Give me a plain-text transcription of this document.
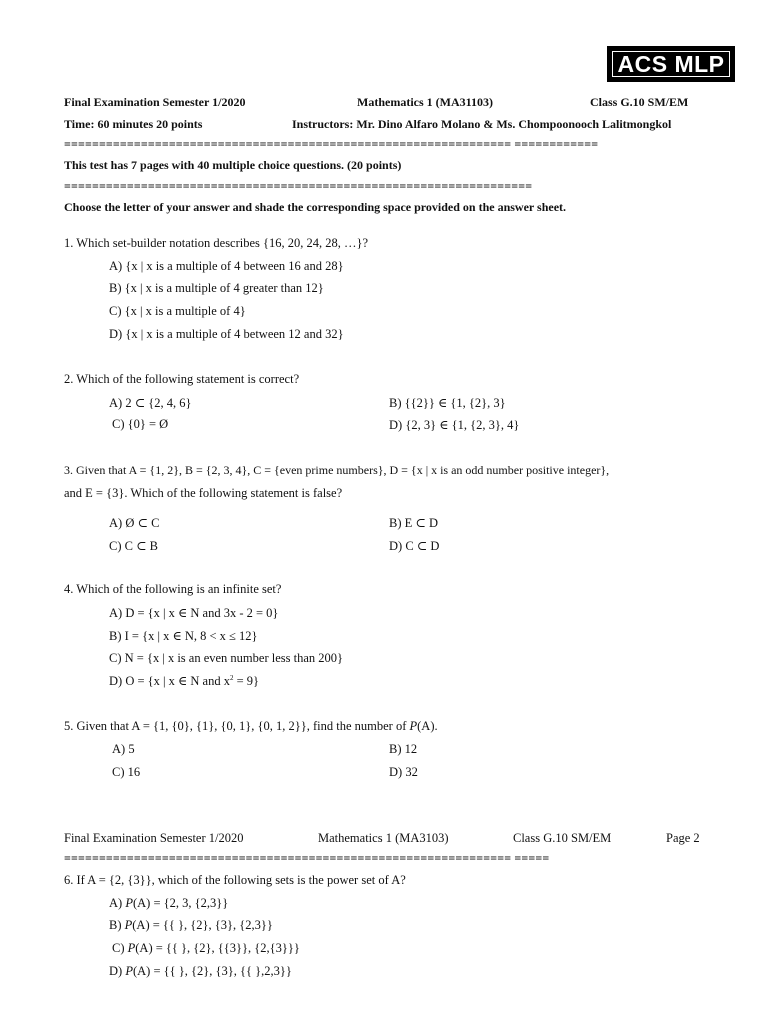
ACS MLP
Final Examination Semester 1/2020	Mathematics 1 (MA31103)	Class G.10 SM/EM
Time: 60 minutes 20 points	Instructors: Mr. Dino Alfaro Molano & Ms. Chompoonooch Lalitmongkol
================================================================ ============
This test has 7 pages with 40 multiple choice questions. (20 points)
===================================================================
Choose the letter of your answer and shade the corresponding space provided on the answer sheet.
1. Which set-builder notation describes {16, 20, 24, 28, …}?
A) {x | x is a multiple of 4 between 16 and 28}
B) {x | x is a multiple of 4 greater than 12}
C) {x | x is a multiple of 4}
D) {x | x is a multiple of 4 between 12 and 32}
2. Which of the following statement is correct?
A) 2 ⊂ {2, 4, 6}	B) {{2}} ∈ {1, {2}, 3}
C) {0} = Ø	D) {2, 3} ∈ {1, {2, 3}, 4}
3. Given that A = {1, 2}, B = {2, 3, 4}, C = {even prime numbers}, D = {x | x is an odd number positive integer},
and E = {3}. Which of the following statement is false?
A) Ø ⊂ C	B) E ⊂ D
C) C ⊂ B	D) C ⊂ D
4. Which of the following is an infinite set?
A) D = {x | x ∈ N and 3x - 2 = 0}
B) I = {x | x ∈ N, 8 < x ≤ 12}
C) N = {x | x is an even number less than 200}
D) O = {x | x ∈ N and $x^2 = 9$}
5. Given that A = {1, {0}, {1}, {0, 1}, {0, 1, 2}}, find the number of P(A).
A) 5	B) 12
C) 16	D) 32
Final Examination Semester 1/2020	Mathematics 1 (MA3103)	Class G.10 SM/EM	Page 2
================================================================ =====
6. If A = {2, {3}}, which of the following sets is the power set of A?
A) P(A) = {2, 3, {2,3}}
B) P(A) = {{ }, {2}, {3}, {2,3}}
C) P(A) = {{ }, {2}, {{3}}, {2,{3}}}
D) P(A) = {{ }, {2}, {3}, {{ },2,3}}
